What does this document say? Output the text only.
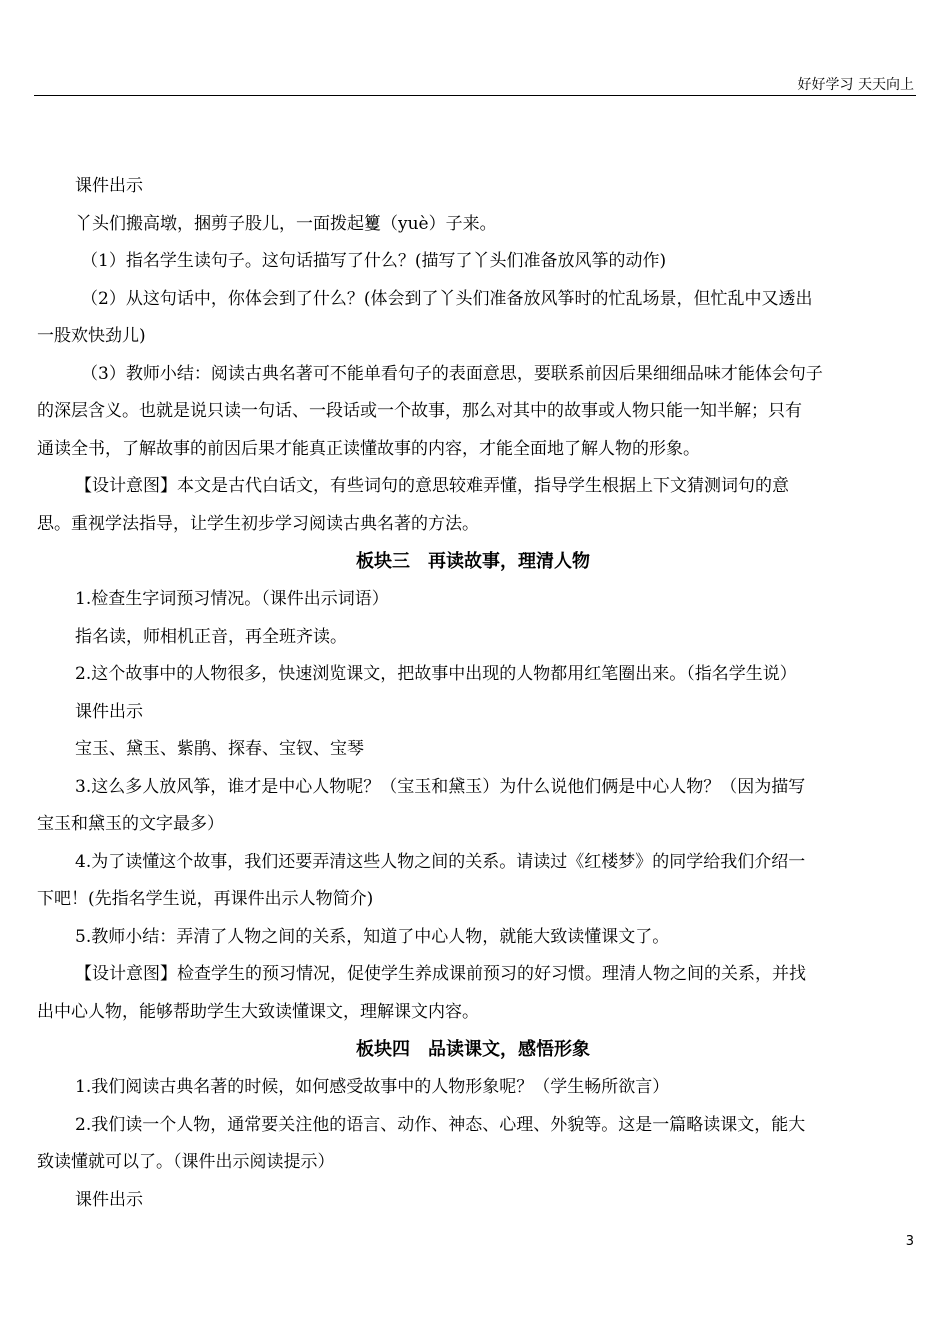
好好学习 天天向上
课件出示
丫头们搬高墩，捆剪子股儿，一面拨起籰（yuè）子来。
（1）指名学生读句子。这句话描写了什么？(描写了丫头们准备放风筝的动作)
（2）从这句话中，你体会到了什么？(体会到了丫头们准备放风筝时的忙乱场景，但忙乱中又透出
一股欢快劲儿)
（3）教师小结：阅读古典名著可不能单看句子的表面意思，要联系前因后果细细品味才能体会句子
的深层含义。也就是说只读一句话、一段话或一个故事，那么对其中的故事或人物只能一知半解；只有
通读全书，了解故事的前因后果才能真正读懂故事的内容，才能全面地了解人物的形象。
【设计意图】本文是古代白话文，有些词句的意思较难弄懂，指导学生根据上下文猜测词句的意
思。重视学法指导，让学生初步学习阅读古典名著的方法。
板块三　再读故事，理清人物
1.检查生字词预习情况。（课件出示词语）
指名读，师相机正音，再全班齐读。
2.这个故事中的人物很多，快速浏览课文，把故事中出现的人物都用红笔圈出来。（指名学生说）
课件出示
宝玉、黛玉、紫鹃、探春、宝钗、宝琴
3.这么多人放风筝，谁才是中心人物呢？（宝玉和黛玉）为什么说他们俩是中心人物？（因为描写
宝玉和黛玉的文字最多）
4.为了读懂这个故事，我们还要弄清这些人物之间的关系。请读过《红楼梦》的同学给我们介绍一
下吧！(先指名学生说，再课件出示人物简介)
5.教师小结：弄清了人物之间的关系，知道了中心人物，就能大致读懂课文了。
【设计意图】检查学生的预习情况，促使学生养成课前预习的好习惯。理清人物之间的关系，并找
出中心人物，能够帮助学生大致读懂课文，理解课文内容。
板块四　品读课文，感悟形象
1.我们阅读古典名著的时候，如何感受故事中的人物形象呢？（学生畅所欲言）
2.我们读一个人物，通常要关注他的语言、动作、神态、心理、外貌等。这是一篇略读课文，能大
致读懂就可以了。（课件出示阅读提示）
课件出示
3
